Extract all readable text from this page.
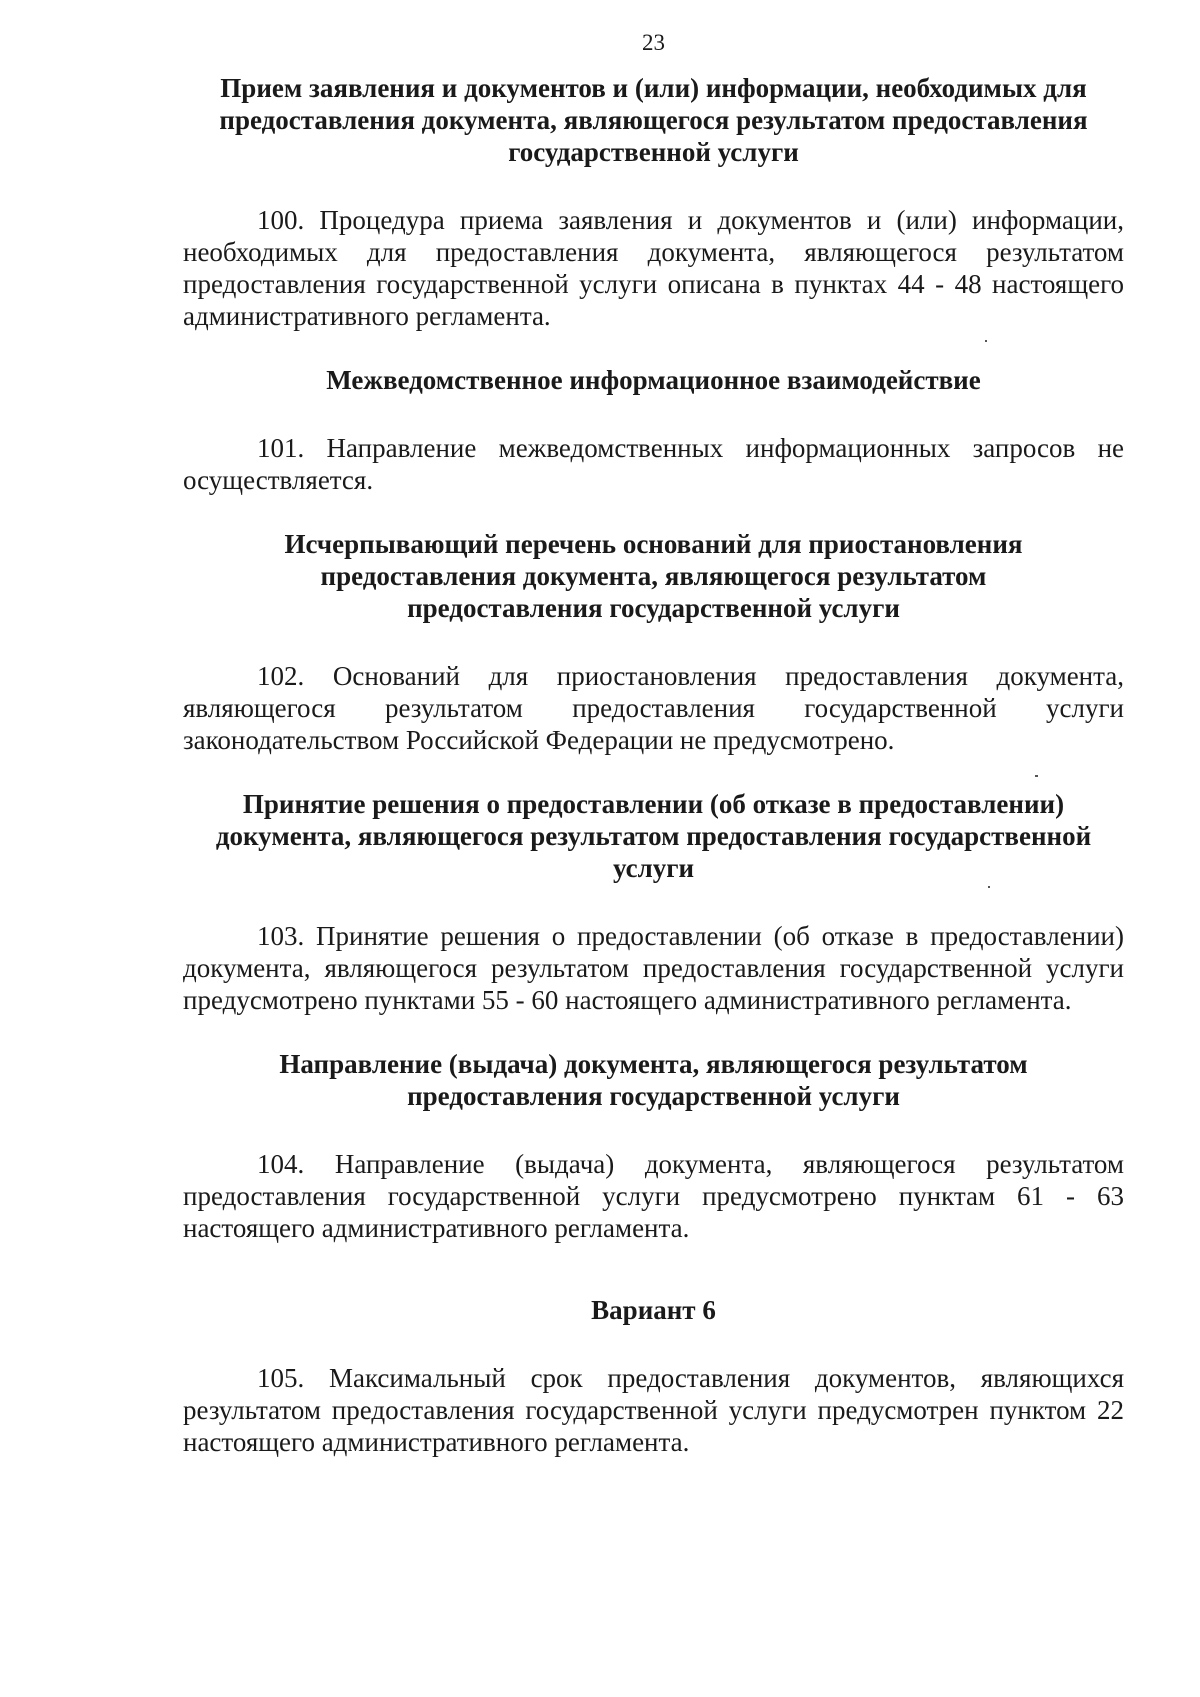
23
Прием заявления и документов и (или) информации, необходимых для
предоставления документа, являющегося результатом предоставления
государственной услуги

100. Процедура приема заявления и документов и (или) информации, необходимых для предоставления документа, являющегося результатом предоставления государственной услуги описана в пунктах 44 - 48 настоящего административного регламента.

Межведомственное информационное взаимодействие

101. Направление межведомственных информационных запросов не осуществляется.

Исчерпывающий перечень оснований для приостановления
предоставления документа, являющегося результатом
предоставления государственной услуги

102. Оснований для приостановления предоставления документа, являющегося результатом предоставления государственной услуги законодательством Российской Федерации не предусмотрено.

Принятие решения о предоставлении (об отказе в предоставлении)
документа, являющегося результатом предоставления государственной
услуги

103. Принятие решения о предоставлении (об отказе в предоставлении) документа, являющегося результатом предоставления государственной услуги предусмотрено пунктами 55 - 60 настоящего административного регламента.

Направление (выдача) документа, являющегося результатом
предоставления государственной услуги

104. Направление (выдача) документа, являющегося результатом предоставления государственной услуги предусмотрено пунктам 61 - 63 настоящего административного регламента.

Вариант 6

105. Максимальный срок предоставления документов, являющихся результатом предоставления государственной услуги предусмотрен пунктом 22 настоящего административного регламента.
